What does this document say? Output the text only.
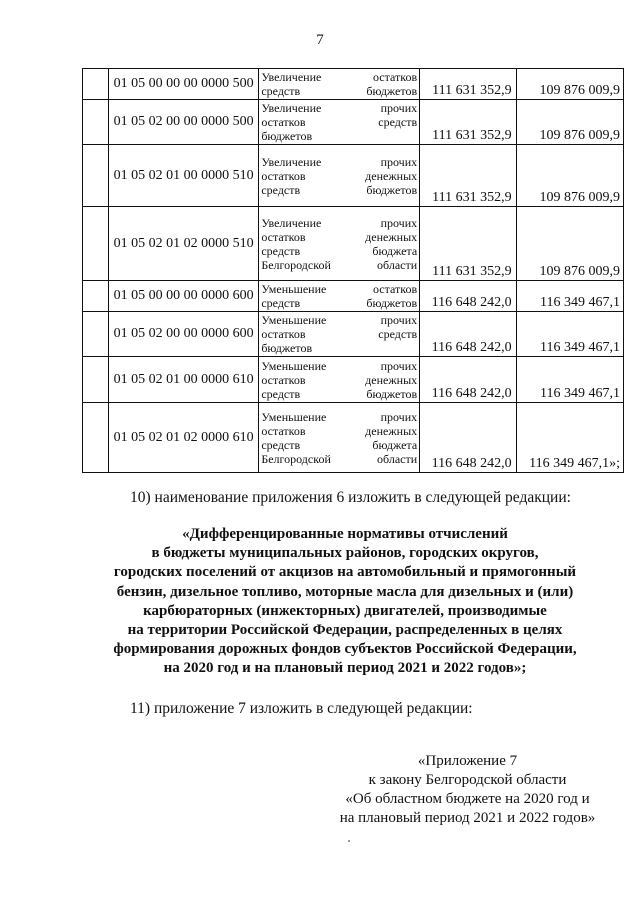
7
	01 05 00 00 00 0000 500	Увеличение остатков
средств бюджетов	111 631 352,9	109 876 009,9
	01 05 02 00 00 0000 500	Увеличение прочих
остатков средств
бюджетов	111 631 352,9	109 876 009,9
	01 05 02 01 00 0000 510	Увеличение прочих
остатков денежных
средств бюджетов	111 631 352,9	109 876 009,9
	01 05 02 01 02 0000 510	Увеличение прочих
остатков денежных
средств бюджета
Белгородской области	111 631 352,9	109 876 009,9
	01 05 00 00 00 0000 600	Уменьшение остатков
средств бюджетов	116 648 242,0	116 349 467,1
	01 05 02 00 00 0000 600	Уменьшение прочих
остатков средств
бюджетов	116 648 242,0	116 349 467,1
	01 05 02 01 00 0000 610	Уменьшение прочих
остатков денежных
средств бюджетов	116 648 242,0	116 349 467,1
	01 05 02 01 02 0000 610	Уменьшение прочих
остатков денежных
средств бюджета
Белгородской области	116 648 242,0	116 349 467,1»;
10) наименование приложения 6 изложить в следующей редакции:
«Дифференцированные нормативы отчислений
в бюджеты муниципальных районов, городских округов,
городских поселений от акцизов на автомобильный и прямогонный
бензин, дизельное топливо, моторные масла для дизельных и (или)
карбюраторных (инжекторных) двигателей, производимые
на территории Российской Федерации, распределенных в целях
формирования дорожных фондов субъектов Российской Федерации,
на 2020 год и на плановый период 2021 и 2022 годов»;
11) приложение 7 изложить в следующей редакции:
«Приложение 7
к закону Белгородской области
«Об областном бюджете на 2020 год и
на плановый период 2021 и 2022 годов»
